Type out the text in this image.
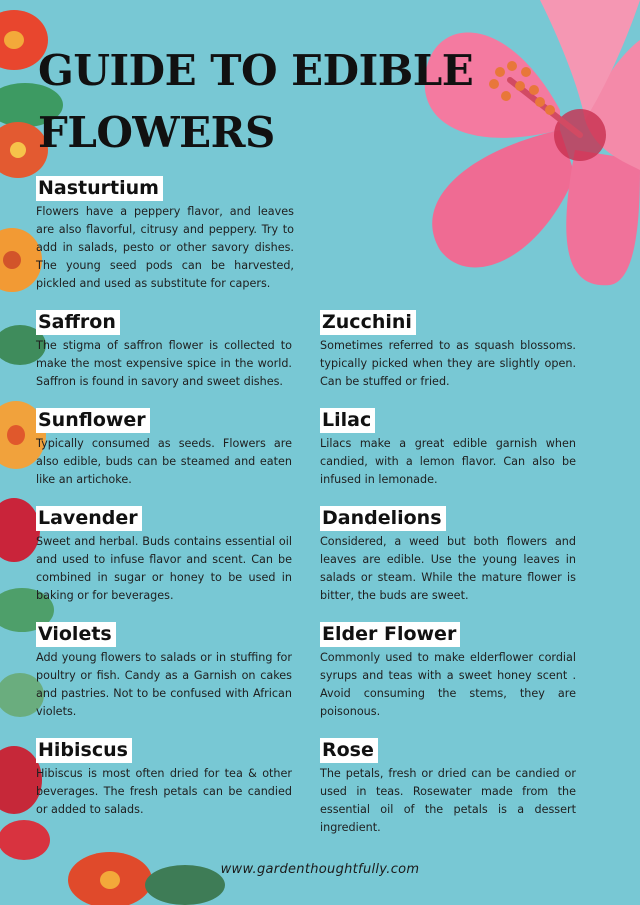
GUIDE TO EDIBLE FLOWERS
Nasturtium

Flowers have a peppery flavor, and leaves are also flavorful, citrusy and peppery. Try to add in salads, pesto or other savory dishes. The young seed pods can be harvested, pickled and used as substitute for capers.

Saffron

The stigma of saffron flower is collected to make the most expensive spice in the world. Saffron is found in savory and sweet dishes.

Zucchini

Sometimes referred to as squash blossoms. typically picked when they are slightly open. Can be stuffed or fried.

Sunflower

Typically consumed as seeds. Flowers are also edible, buds can be steamed and eaten like an artichoke.

Lilac

Lilacs make a great edible garnish when candied, with a lemon flavor. Can also be infused in lemonade.

Lavender

Sweet and herbal. Buds contains essential oil and used to infuse flavor and scent. Can be combined in sugar or honey to be used in baking or for beverages.

Dandelions

Considered, a weed but both flowers and leaves are edible. Use the young leaves in salads or steam. While the mature flower is bitter, the buds are sweet.

Violets

Add young flowers to salads or in stuffing for poultry or fish. Candy as a Garnish on cakes and pastries. Not to be confused with African violets.

Elder Flower

Commonly used to make elderflower cordial syrups and teas with a sweet honey scent . Avoid consuming the stems, they are poisonous.

Hibiscus

Hibiscus is most often dried for tea & other beverages. The fresh petals can be candied or added to salads.

Rose

The petals, fresh or dried can be candied or used in teas. Rosewater made from the essential oil of the petals is a dessert ingredient.

www.gardenthoughtfully.com
